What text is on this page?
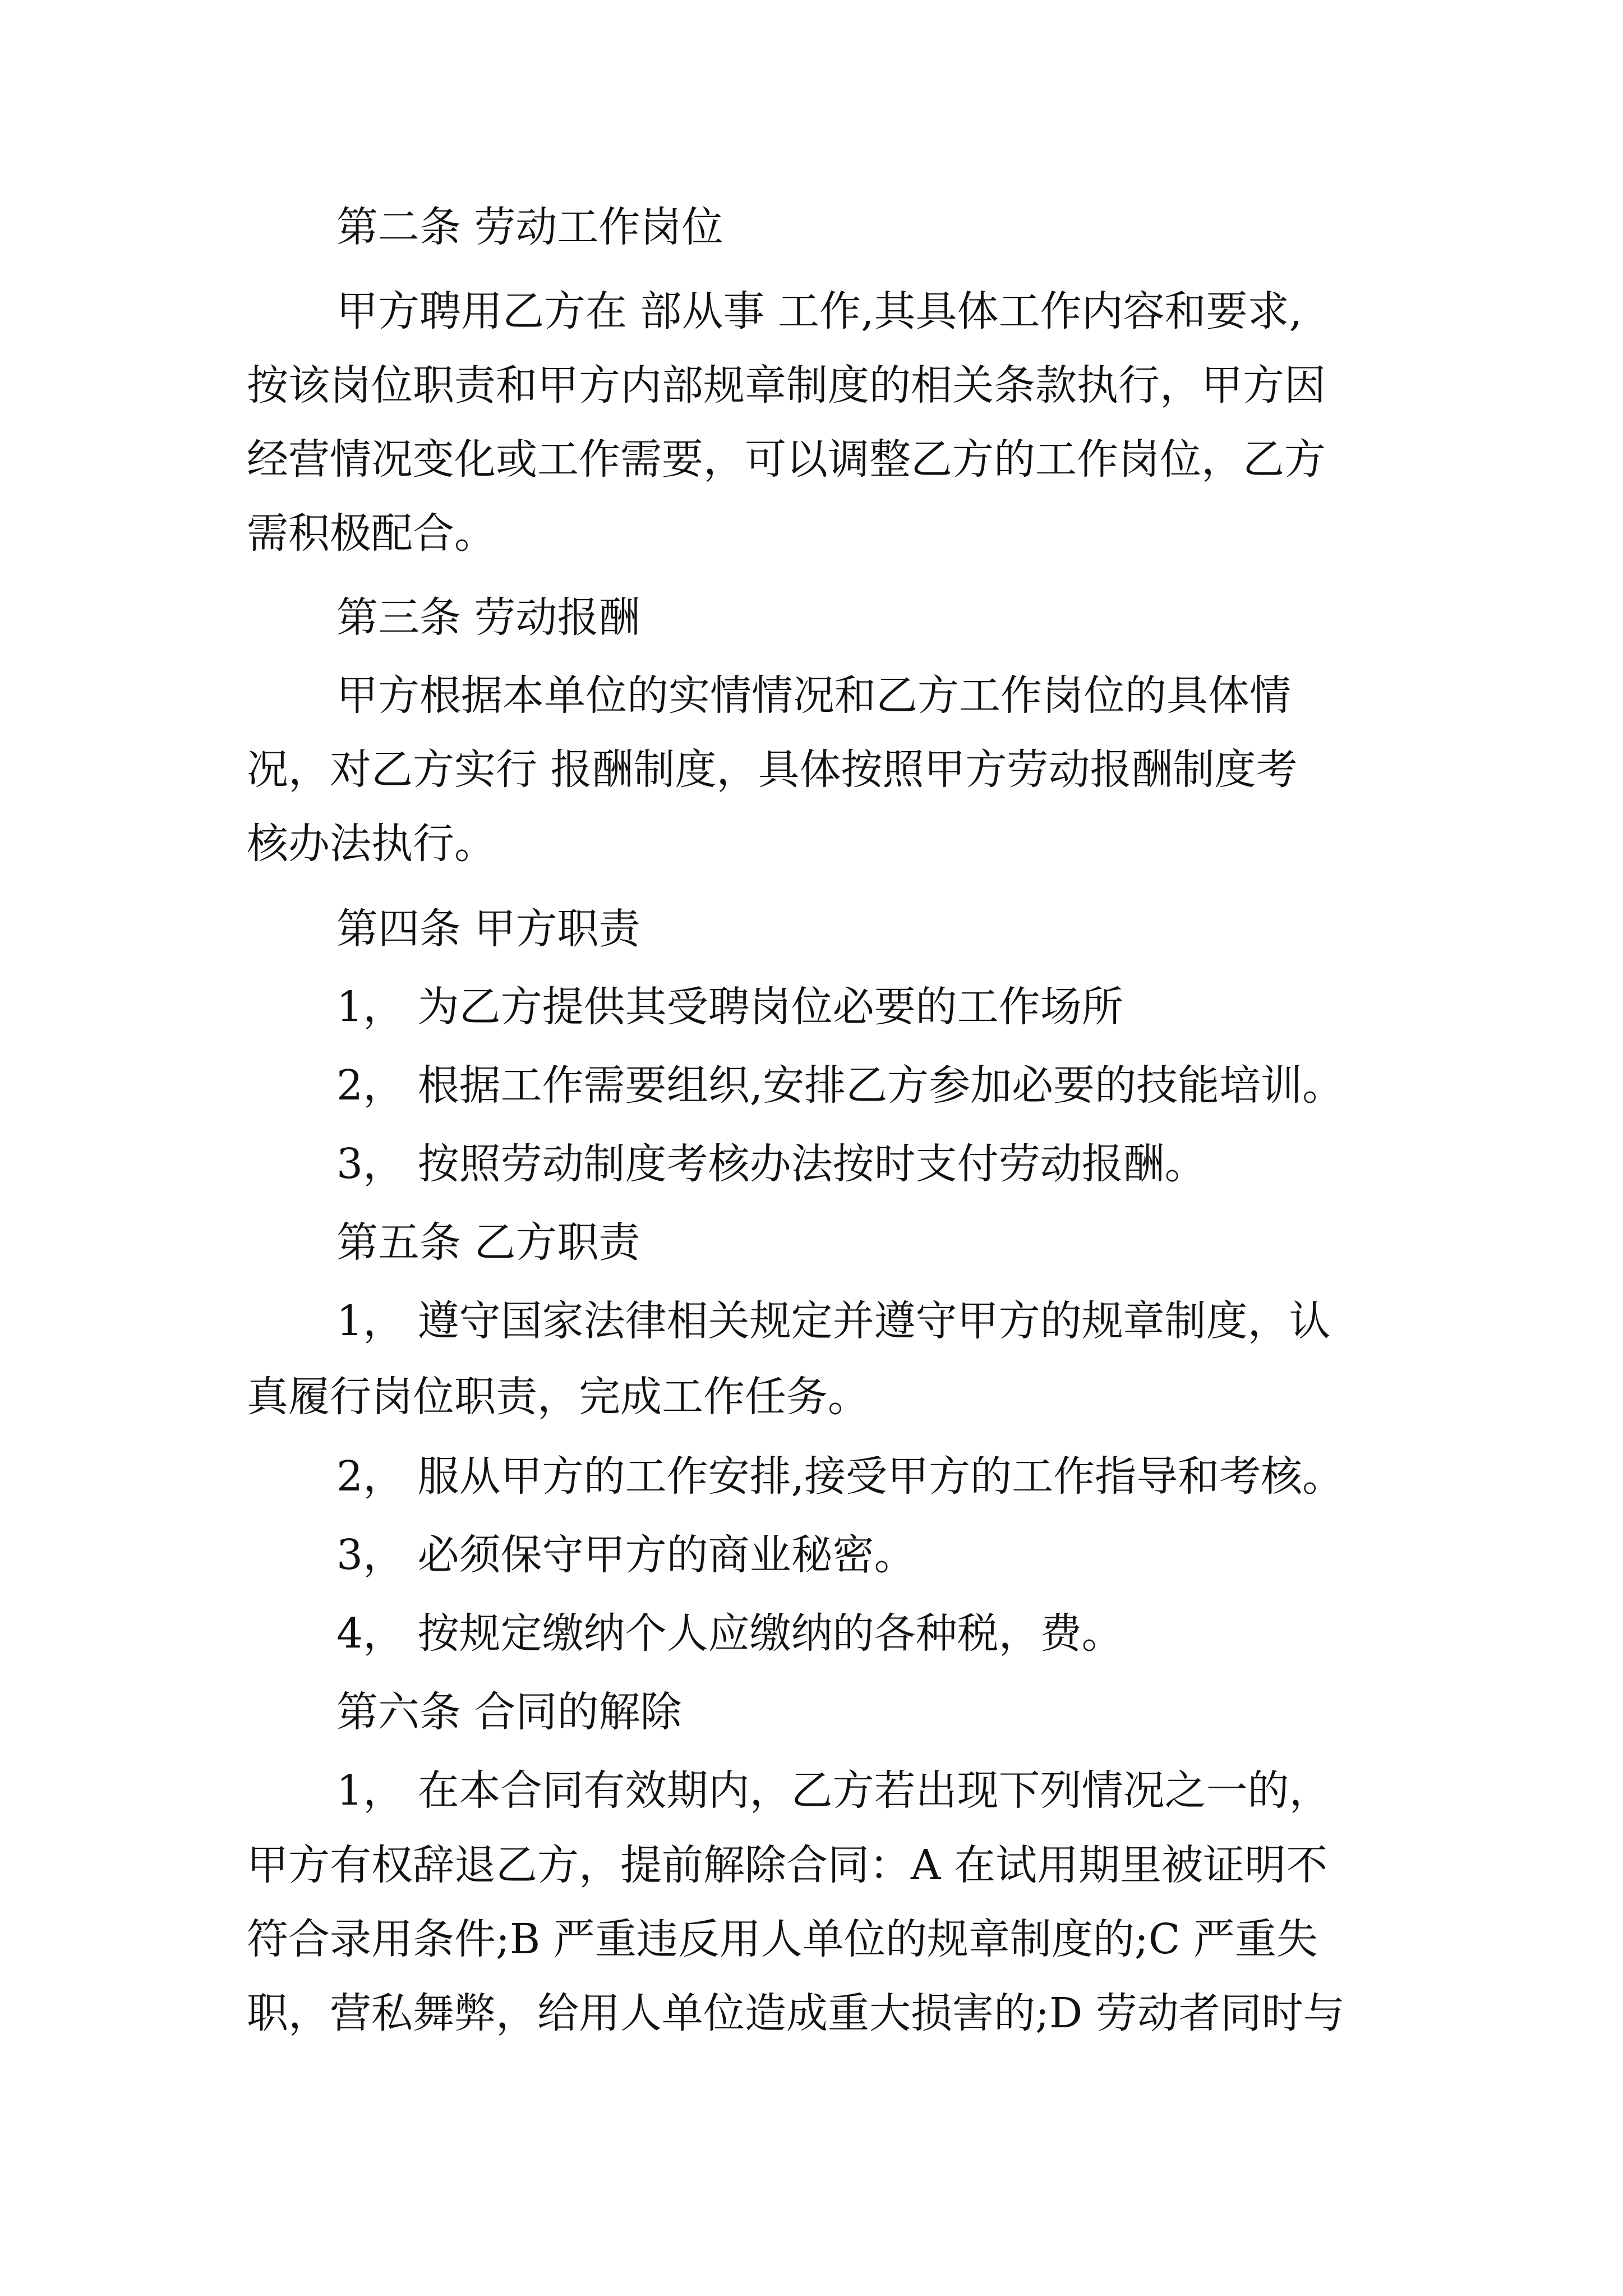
第二条 劳动工作岗位
甲方聘用乙方在 部从事 工作,其具体工作内容和要求,
按该岗位职责和甲方内部规章制度的相关条款执行，甲方因
经营情况变化或工作需要，可以调整乙方的工作岗位，乙方
需积极配合。
第三条 劳动报酬
甲方根据本单位的实情情况和乙方工作岗位的具体情
况，对乙方实行 报酬制度，具体按照甲方劳动报酬制度考
核办法执行。
第四条 甲方职责
1， 为乙方提供其受聘岗位必要的工作场所
2， 根据工作需要组织,安排乙方参加必要的技能培训。
3， 按照劳动制度考核办法按时支付劳动报酬。
第五条 乙方职责
1， 遵守国家法律相关规定并遵守甲方的规章制度，认
真履行岗位职责，完成工作任务。
2， 服从甲方的工作安排,接受甲方的工作指导和考核。
3， 必须保守甲方的商业秘密。
4， 按规定缴纳个人应缴纳的各种税，费。
第六条 合同的解除
1， 在本合同有效期内，乙方若出现下列情况之一的，
甲方有权辞退乙方，提前解除合同：A 在试用期里被证明不
符合录用条件;B 严重违反用人单位的规章制度的;C 严重失
职，营私舞弊，给用人单位造成重大损害的;D 劳动者同时与
